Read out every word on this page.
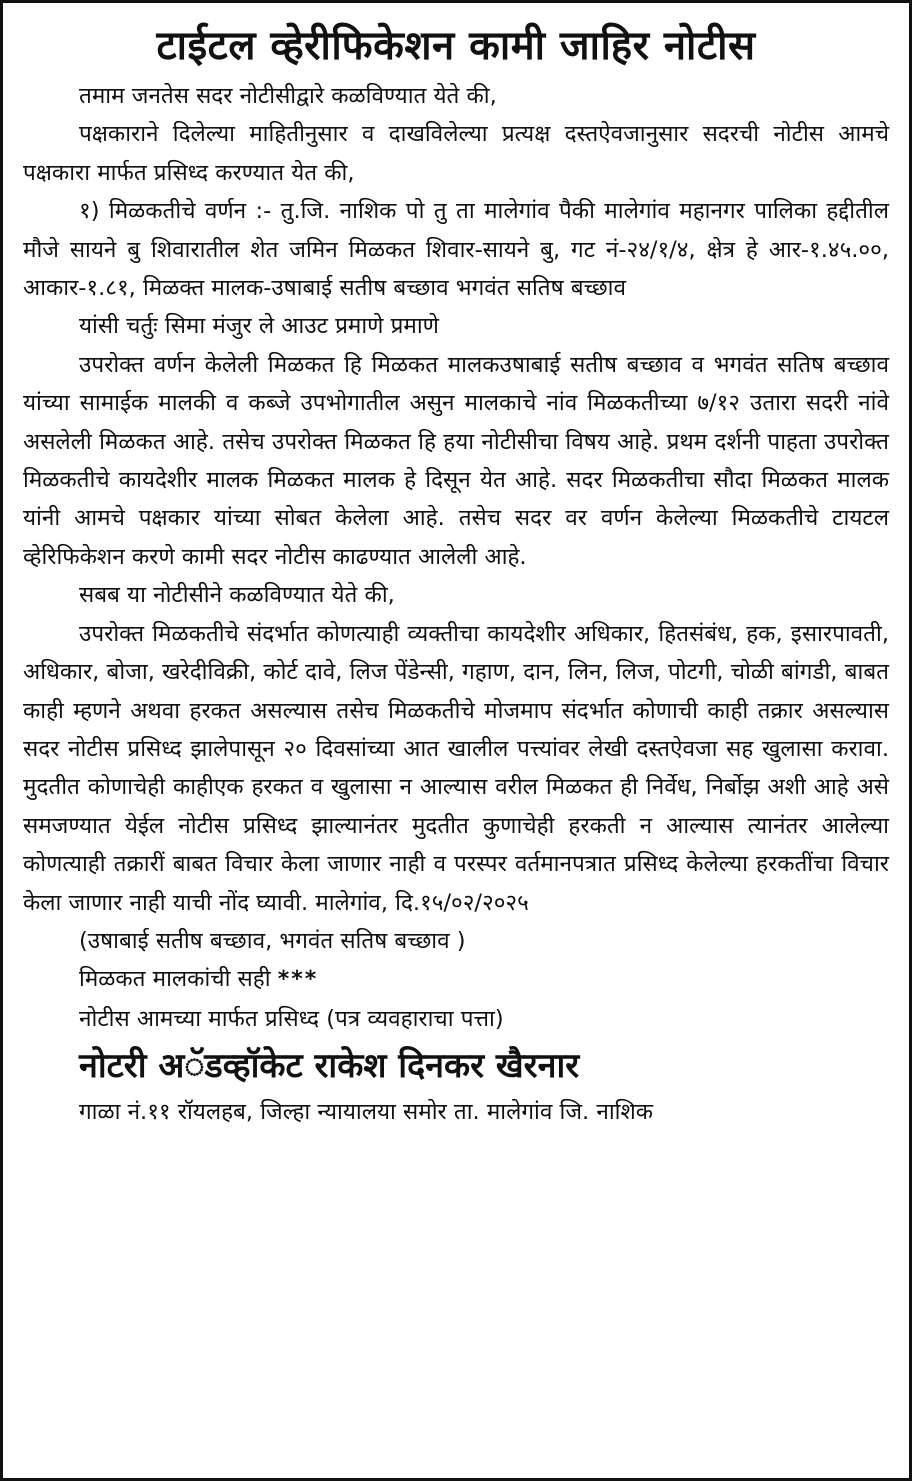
टाईटल व्हेरीफिकेशन कामी जाहिर नोटीस

तमाम जनतेस सदर नोटीसीद्वारे कळविण्यात येते की,

पक्षकाराने दिलेल्या माहितीनुसार व दाखविलेल्या प्रत्यक्ष दस्तऐवजानुसार सदरची नोटीस आमचे पक्षकारा मार्फत प्रसिध्द करण्यात येत की,

१) मिळकतीचे वर्णन :- तु.जि. नाशिक पो तु ता मालेगांव पैकी मालेगांव महानगर पालिका हद्दीतील मौजे सायने बु शिवारातील शेत जमिन मिळकत शिवार-सायने बु, गट नं-२४/१/४, क्षेत्र हे आर-१.४५.००, आकार-१.८१, मिळक्त मालक-उषाबाई सतीष बच्छाव भगवंत सतिष बच्छाव

यांसी चर्तुः सिमा मंजुर ले आउट प्रमाणे प्रमाणे

उपरोक्त वर्णन केलेली मिळकत हि मिळकत मालकउषाबाई सतीष बच्छाव व भगवंत सतिष बच्छाव यांच्या सामाईक मालकी व कब्जे उपभोगातील असुन मालकाचे नांव मिळकतीच्या ७/१२ उतारा सदरी नांवे असलेली मिळकत आहे. तसेच उपरोक्त मिळकत हि हया नोटीसीचा विषय आहे. प्रथम दर्शनी पाहता उपरोक्त मिळकतीचे कायदेशीर मालक मिळकत मालक हे दिसून येत आहे. सदर मिळकतीचा सौदा मिळकत मालक यांनी आमचे पक्षकार यांच्या सोबत केलेला आहे. तसेच सदर वर वर्णन केलेल्या मिळकतीचे टायटल व्हेरिफिकेशन करणे कामी सदर नोटीस काढण्यात आलेली आहे.

सबब या नोटीसीने कळविण्यात येते की,

उपरोक्त मिळकतीचे संदर्भात कोणत्याही व्यक्तीचा कायदेशीर अधिकार, हितसंबंध, हक, इसारपावती, अधिकार, बोजा, खरेदीविक्री, कोर्ट दावे, लिज पेंडेन्सी, गहाण, दान, लिन, लिज, पोटगी, चोळी बांगडी, बाबत काही म्हणने अथवा हरकत असल्यास तसेच मिळकतीचे मोजमाप संदर्भात कोणाची काही तक्रार असल्यास सदर नोटीस प्रसिध्द झालेपासून २० दिवसांच्या आत खालील पत्त्यांवर लेखी दस्तऐवजा सह खुलासा करावा. मुदतीत कोणाचेही काहीएक हरकत व खुलासा न आल्यास वरील मिळकत ही निर्वेध, निर्बोझ अशी आहे असे समजण्यात येईल नोटीस प्रसिध्द झाल्यानंतर मुदतीत कुणाचेही हरकती न आल्यास त्यानंतर आलेल्या कोणत्याही तक्रारीं बाबत विचार केला जाणार नाही व परस्पर वर्तमानपत्रात प्रसिध्द केलेल्या हरकतींचा विचार केला जाणार नाही याची नोंद घ्यावी. मालेगांव, दि.१५/०२/२०२५

(उषाबाई सतीष बच्छाव, भगवंत सतिष बच्छाव )

मिळकत मालकांची सही ***

नोटीस आमच्या मार्फत प्रसिध्द (पत्र व्यवहाराचा पत्ता)

नोटरी अॅडव्हॉकेट राकेश दिनकर खैरनार

गाळा नं.११ रॉयलहब, जिल्हा न्यायालया समोर ता. मालेगांव जि. नाशिक
